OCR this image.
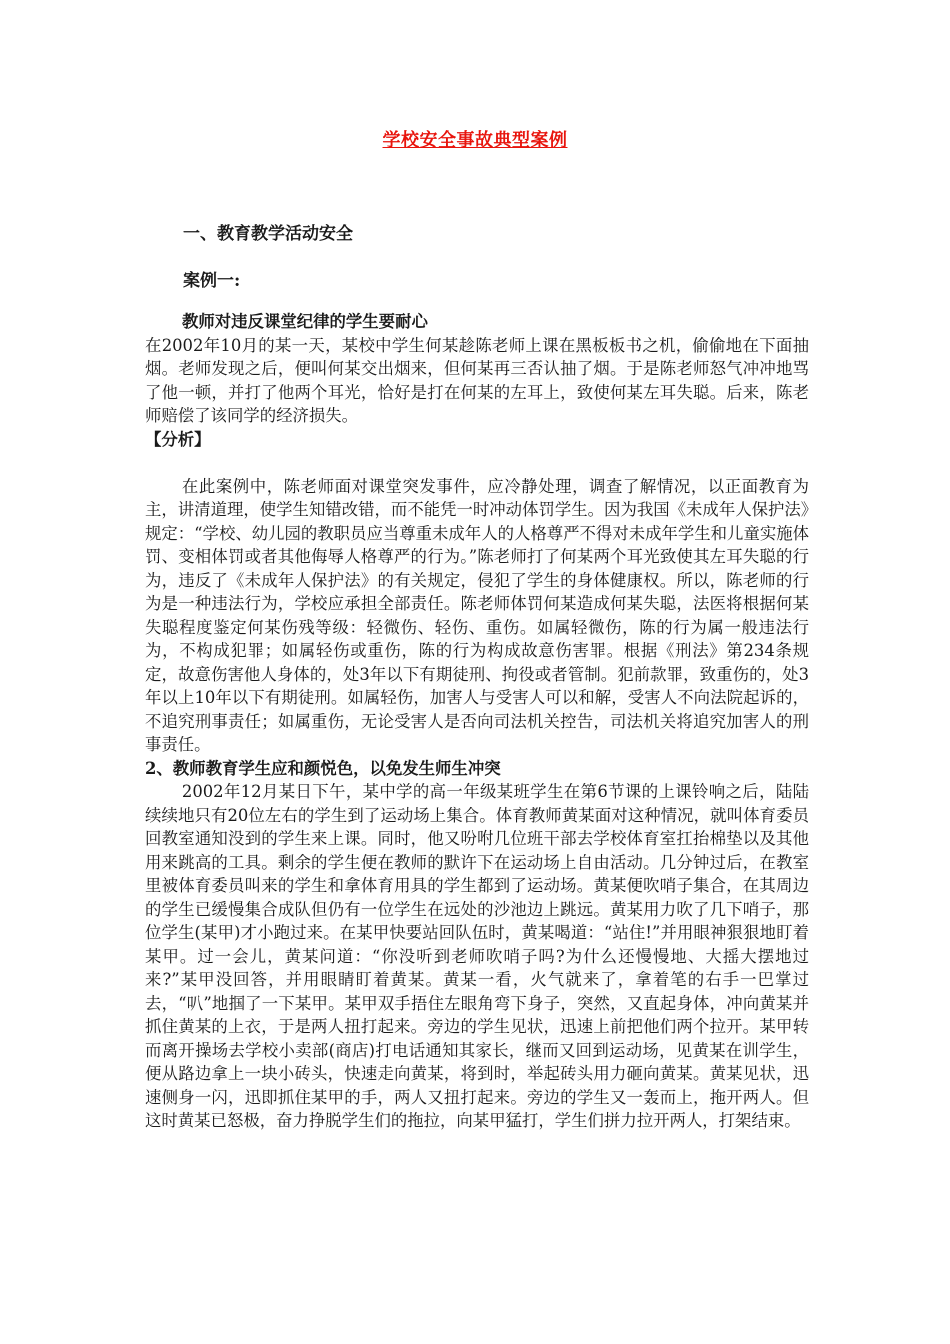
学校安全事故典型案例
一、教育教学活动安全
案例一:

教师对违反课堂纪律的学生要耐心

在2002年10月的某一天，某校中学生何某趁陈老师上课在黑板板书之机，偷偷地在下面抽烟。老师发现之后，便叫何某交出烟来，但何某再三否认抽了烟。于是陈老师怒气冲冲地骂了他一顿，并打了他两个耳光，恰好是打在何某的左耳上，致使何某左耳失聪。后来，陈老师赔偿了该同学的经济损失。

【分析】

在此案例中，陈老师面对课堂突发事件，应冷静处理，调查了解情况，以正面教育为主，讲清道理，使学生知错改错，而不能凭一时冲动体罚学生。因为我国《未成年人保护法》规定：“学校、幼儿园的教职员应当尊重未成年人的人格尊严不得对未成年学生和儿童实施体罚、变相体罚或者其他侮辱人格尊严的行为。”陈老师打了何某两个耳光致使其左耳失聪的行为，违反了《未成年人保护法》的有关规定，侵犯了学生的身体健康权。所以，陈老师的行为是一种违法行为，学校应承担全部责任。陈老师体罚何某造成何某失聪，法医将根据何某失聪程度鉴定何某伤残等级：轻微伤、轻伤、重伤。如属轻微伤，陈的行为属一般违法行为，不构成犯罪；如属轻伤或重伤，陈的行为构成故意伤害罪。根据《刑法》第234条规定，故意伤害他人身体的，处3年以下有期徒刑、拘役或者管制。犯前款罪，致重伤的，处3年以上10年以下有期徒刑。如属轻伤，加害人与受害人可以和解，受害人不向法院起诉的，不追究刑事责任；如属重伤，无论受害人是否向司法机关控告，司法机关将追究加害人的刑事责任。

2、教师教育学生应和颜悦色，以免发生师生冲突

2002年12月某日下午，某中学的高一年级某班学生在第6节课的上课铃响之后，陆陆续续地只有20位左右的学生到了运动场上集合。体育教师黄某面对这种情况，就叫体育委员回教室通知没到的学生来上课。同时，他又吩咐几位班干部去学校体育室扛抬棉垫以及其他用来跳高的工具。剩余的学生便在教师的默许下在运动场上自由活动。几分钟过后，在教室里被体育委员叫来的学生和拿体育用具的学生都到了运动场。黄某便吹哨子集合，在其周边的学生已缓慢集合成队但仍有一位学生在远处的沙池边上跳远。黄某用力吹了几下哨子，那位学生(某甲)才小跑过来。在某甲快要站回队伍时，黄某喝道：“站住!”并用眼神狠狠地盯着某甲。过一会儿，黄某问道：“你没听到老师吹哨子吗?为什么还慢慢地、大摇大摆地过来?”某甲没回答，并用眼睛盯着黄某。黄某一看，火气就来了，拿着笔的右手一巴掌过去，“叭”地掴了一下某甲。某甲双手捂住左眼角弯下身子，突然，又直起身体，冲向黄某并抓住黄某的上衣，于是两人扭打起来。旁边的学生见状，迅速上前把他们两个拉开。某甲转而离开操场去学校小卖部(商店)打电话通知其家长，继而又回到运动场，见黄某在训学生，便从路边拿上一块小砖头，快速走向黄某，将到时，举起砖头用力砸向黄某。黄某见状，迅速侧身一闪，迅即抓住某甲的手，两人又扭打起来。旁边的学生又一轰而上，拖开两人。但这时黄某已怒极，奋力挣脱学生们的拖拉，向某甲猛打，学生们拼力拉开两人，打架结束。
